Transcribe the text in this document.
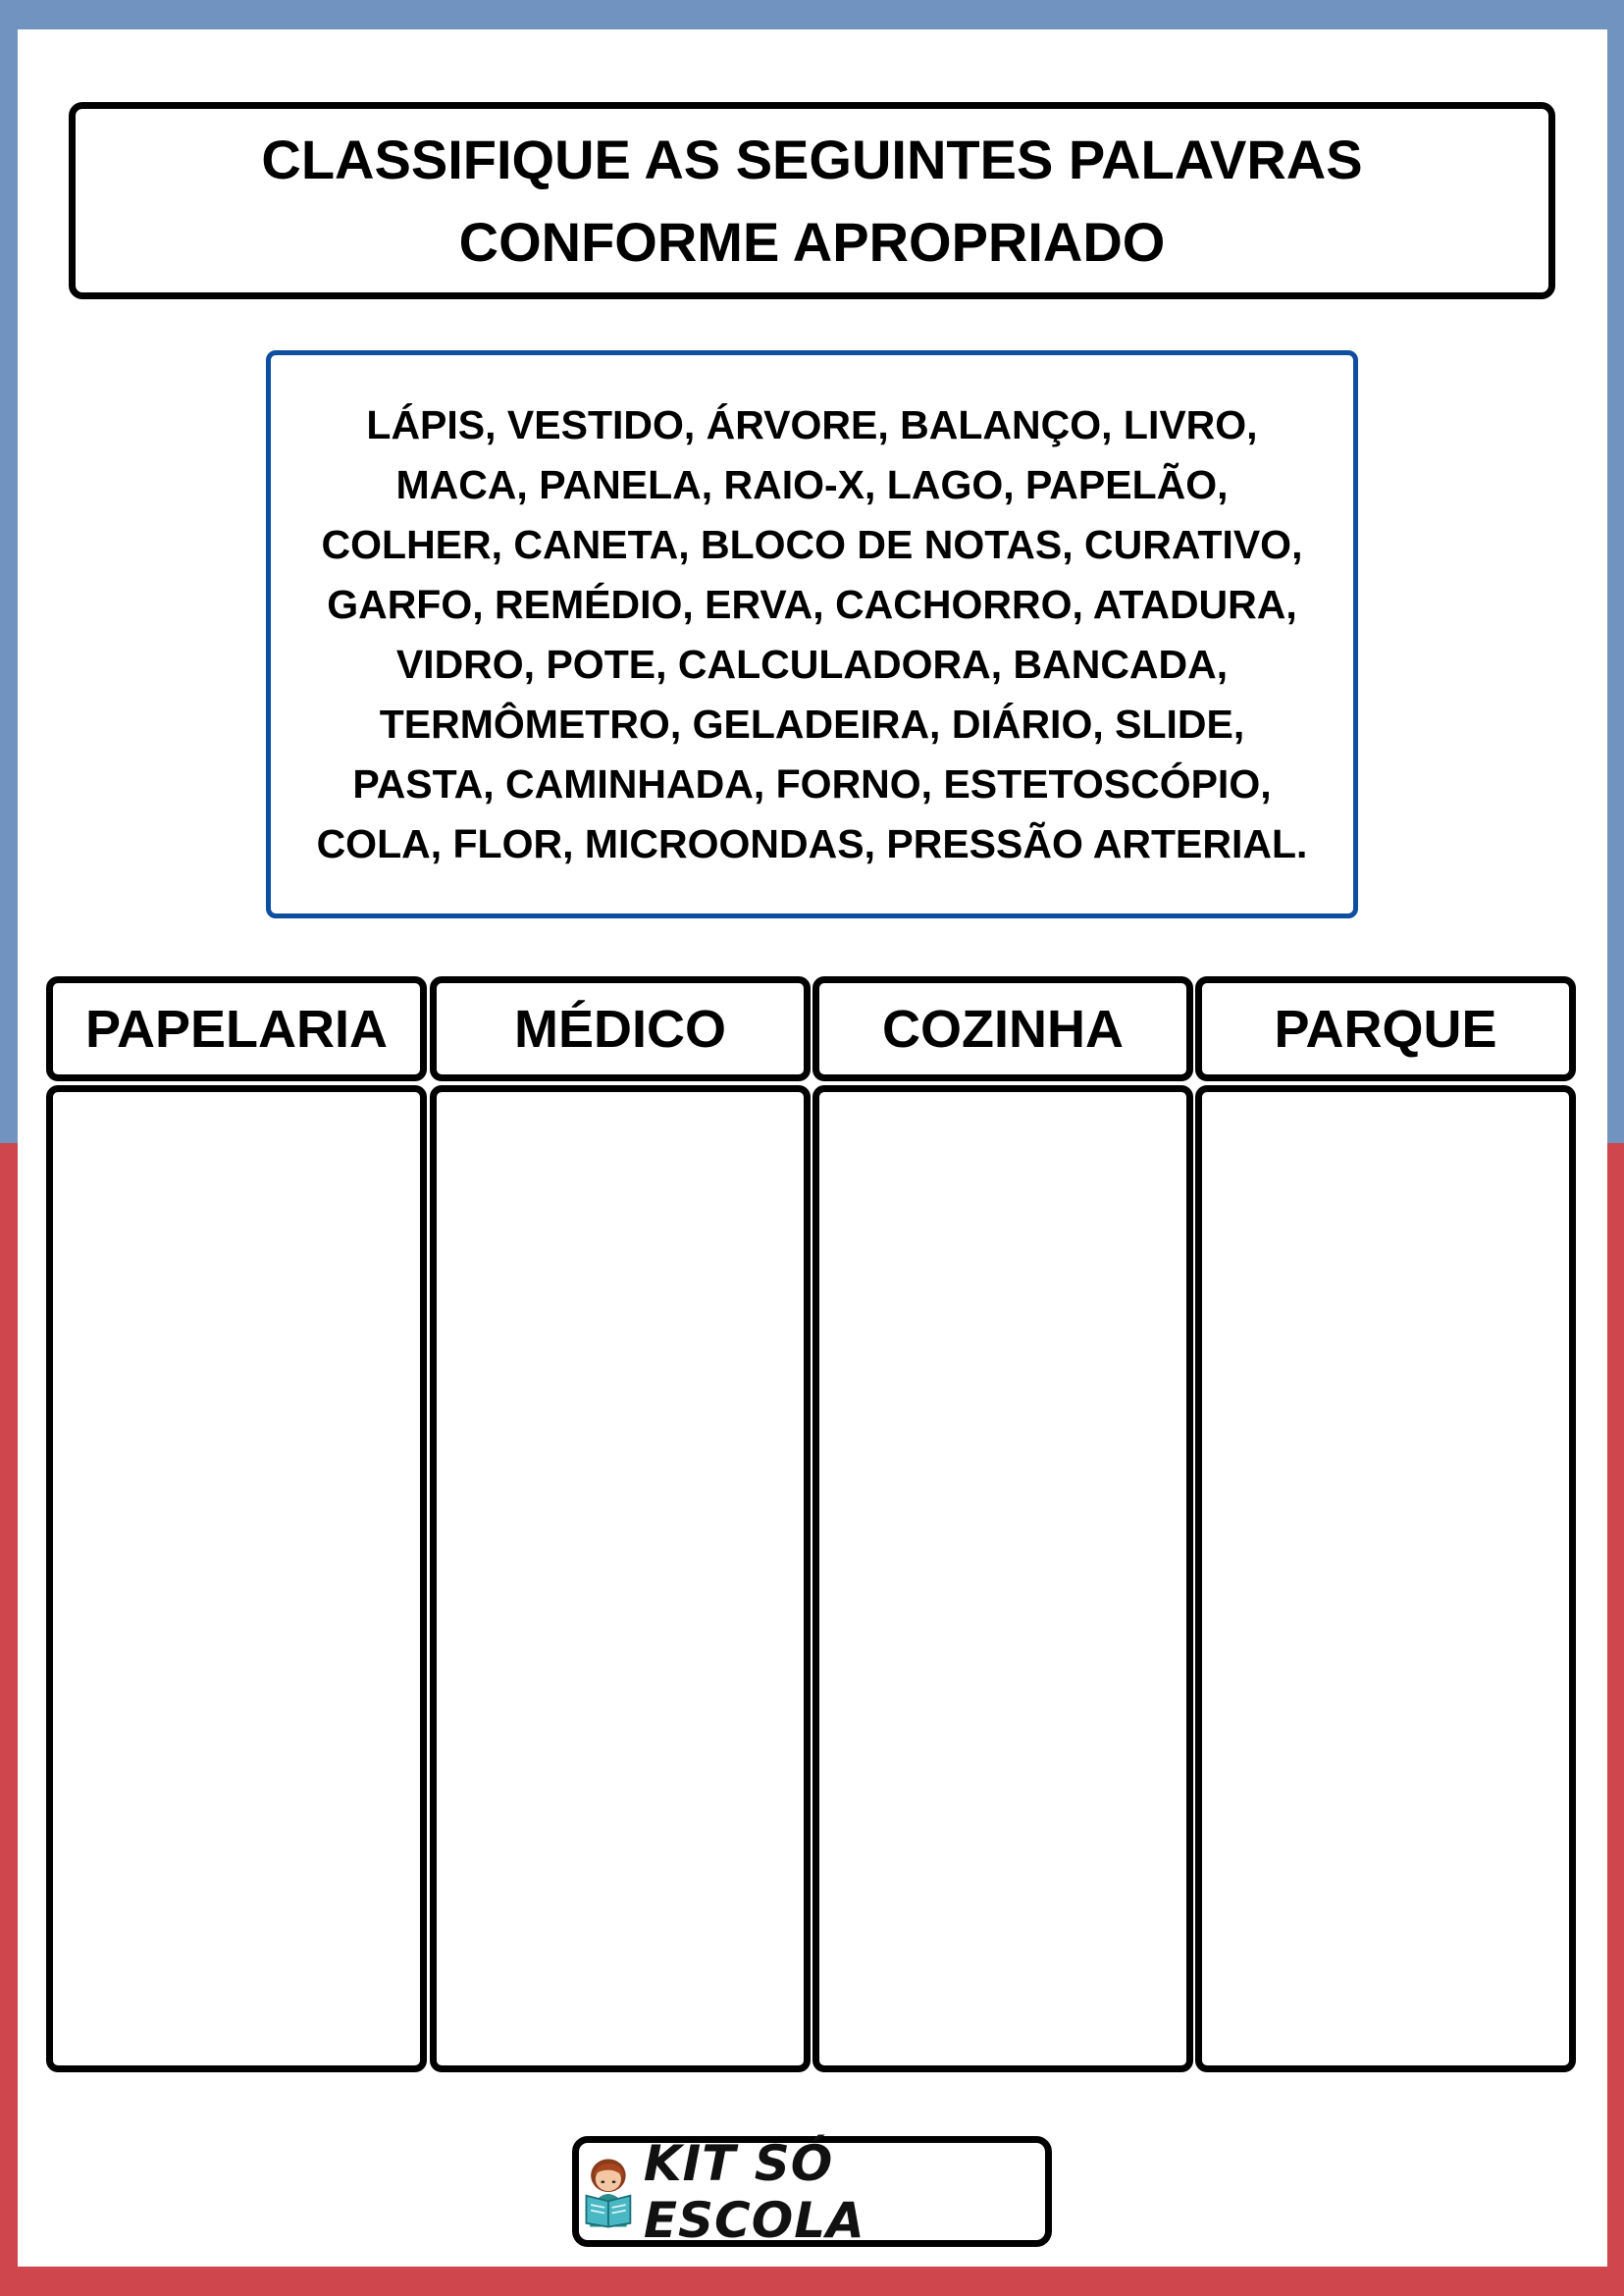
CLASSIFIQUE AS SEGUINTES PALAVRAS CONFORME APROPRIADO
LÁPIS, VESTIDO, ÁRVORE, BALANÇO, LIVRO, MACA, PANELA, RAIO-X, LAGO, PAPELÃO, COLHER, CANETA, BLOCO DE NOTAS, CURATIVO, GARFO, REMÉDIO, ERVA, CACHORRO, ATADURA, VIDRO, POTE, CALCULADORA, BANCADA, TERMÔMETRO, GELADEIRA, DIÁRIO, SLIDE, PASTA, CAMINHADA, FORNO, ESTETOSCÓPIO, COLA, FLOR, MICROONDAS, PRESSÃO ARTERIAL.
PAPELARIA	MÉDICO	COZINHA	PARQUE
KIT SÓ ESCOLA
